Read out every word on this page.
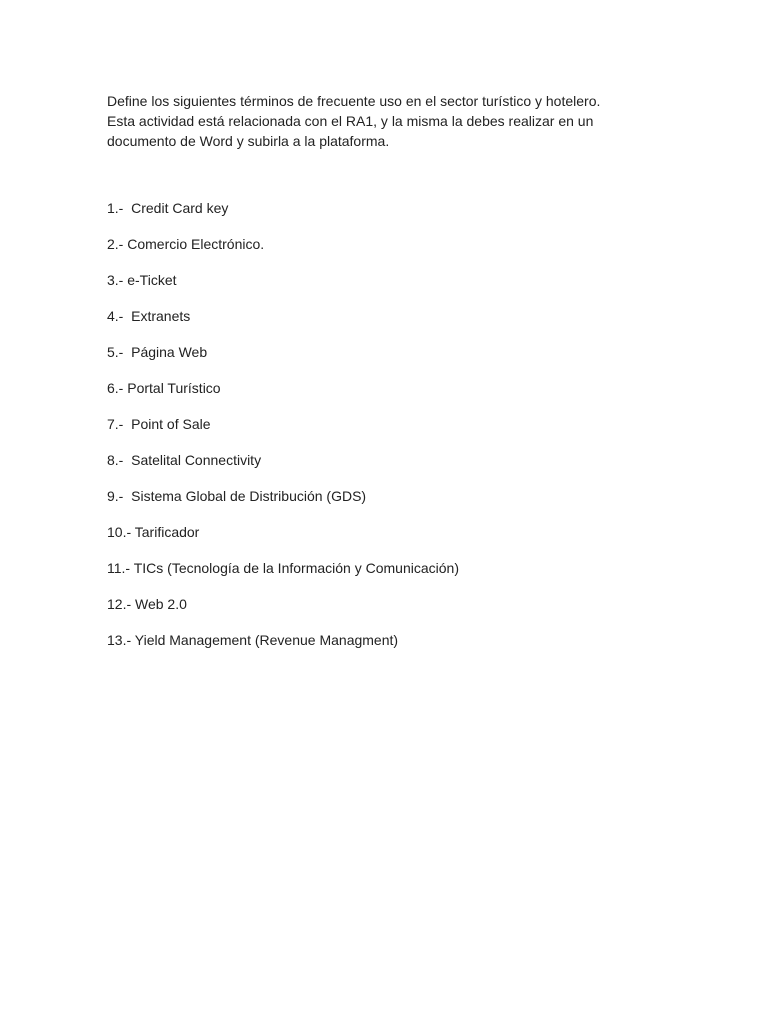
Define los siguientes términos de frecuente uso en el sector turístico y hotelero.
Esta actividad está relacionada con el RA1, y la misma la debes realizar en un
documento de Word y subirla a la plataforma.

1.-  Credit Card key
2.- Comercio Electrónico.
3.- e-Ticket
4.-  Extranets
5.-  Página Web
6.- Portal Turístico
7.-  Point of Sale
8.-  Satelital Connectivity
9.-  Sistema Global de Distribución (GDS)
10.- Tarificador
11.- TICs (Tecnología de la Información y Comunicación)
12.- Web 2.0
13.- Yield Management (Revenue Managment)
